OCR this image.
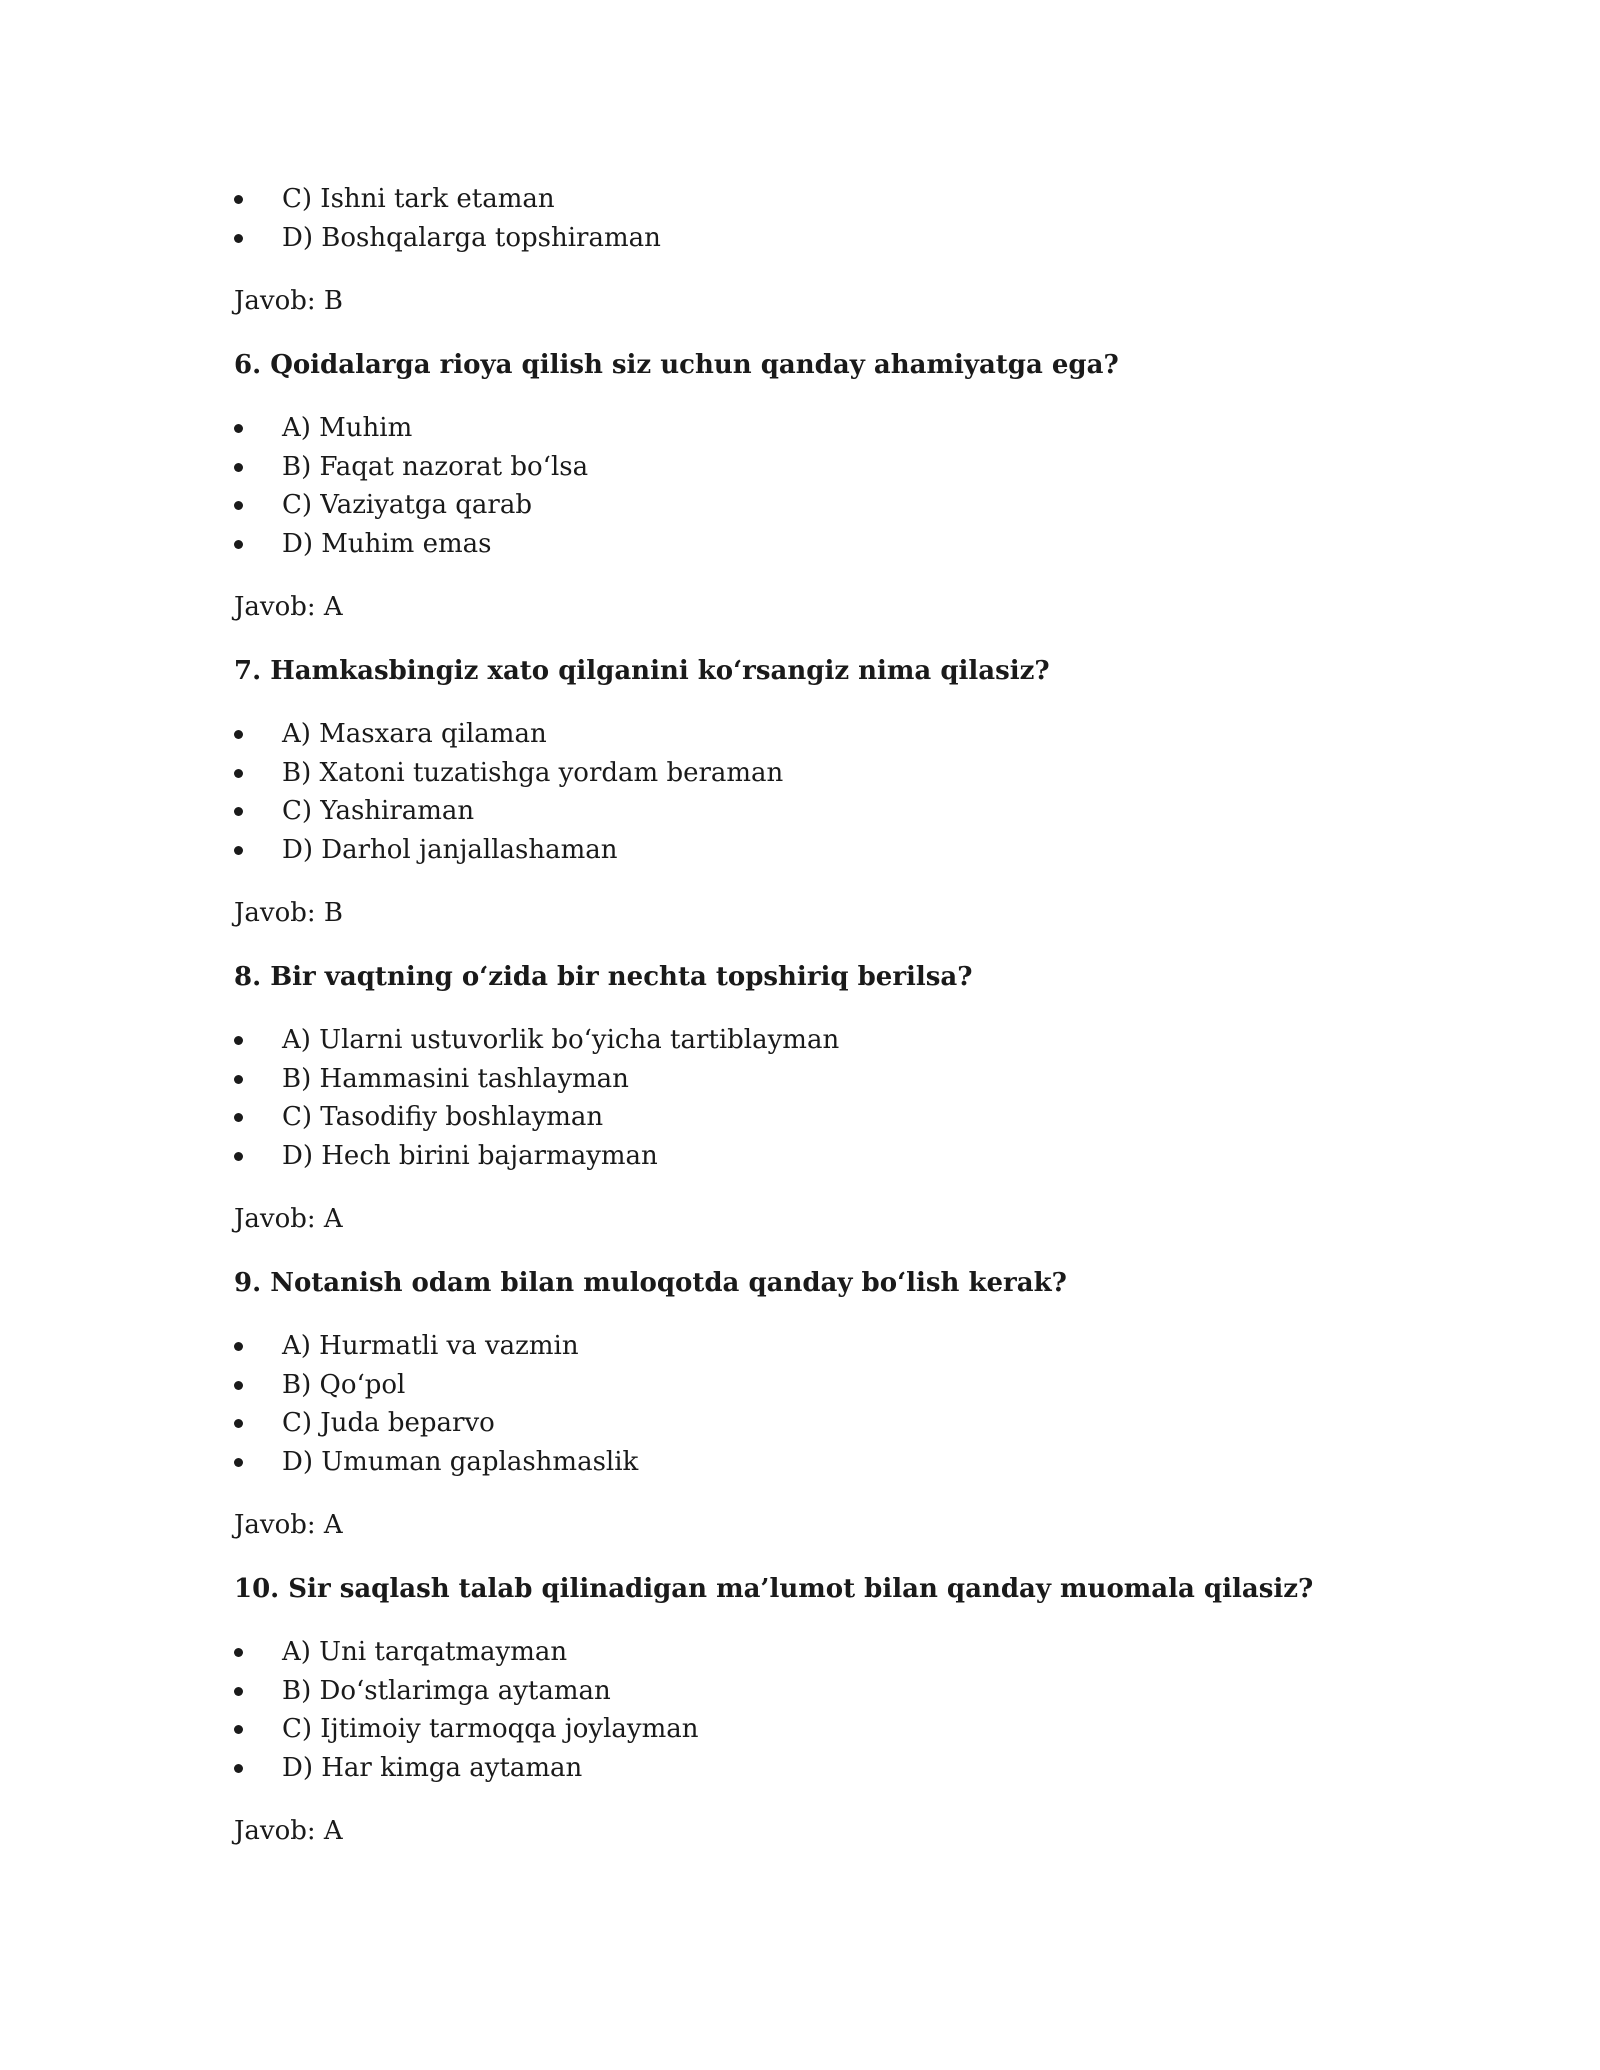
C) Ishni tark etaman
D) Boshqalarga topshiraman

Javob: B

6. Qoidalarga rioya qilish siz uchun qanday ahamiyatga ega?

A) Muhim
B) Faqat nazorat bo‘lsa
C) Vaziyatga qarab
D) Muhim emas

Javob: A

7. Hamkasbingiz xato qilganini ko‘rsangiz nima qilasiz?

A) Masxara qilaman
B) Xatoni tuzatishga yordam beraman
C) Yashiraman
D) Darhol janjallashaman

Javob: B

8. Bir vaqtning o‘zida bir nechta topshiriq berilsa?

A) Ularni ustuvorlik bo‘yicha tartiblayman
B) Hammasini tashlayman
C) Tasodifiy boshlayman
D) Hech birini bajarmayman

Javob: A

9. Notanish odam bilan muloqotda qanday bo‘lish kerak?

A) Hurmatli va vazmin
B) Qo‘pol
C) Juda beparvo
D) Umuman gaplashmaslik

Javob: A

10. Sir saqlash talab qilinadigan ma’lumot bilan qanday muomala qilasiz?

A) Uni tarqatmayman
B) Do‘stlarimga aytaman
C) Ijtimoiy tarmoqqa joylayman
D) Har kimga aytaman

Javob: A
